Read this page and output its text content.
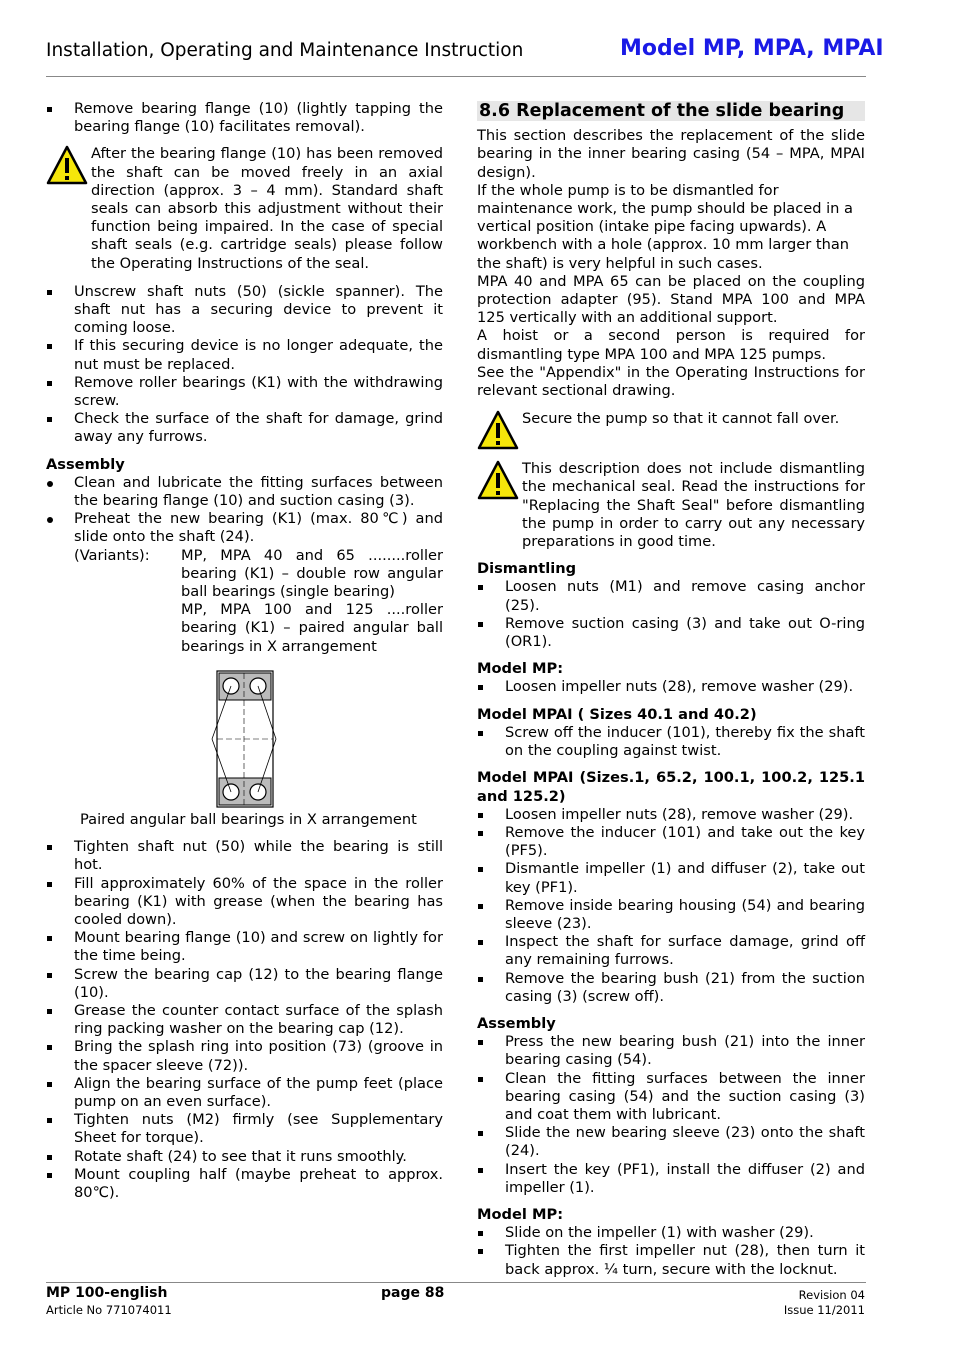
Installation, Operating and Maintenance Instruction	Model MP, MPA, MPAI
Remove bearing flange (10) (lightly tapping the bearing flange (10) facilitates removal).

After the bearing flange (10) has been removed the shaft can be moved freely in an axial direction (approx. 3 – 4 mm). Standard shaft seals can absorb this adjustment without their function being impaired. In the case of special shaft seals (e.g. cartridge seals) please follow the Operating Instructions of the seal.

Unscrew shaft nuts (50) (sickle spanner). The shaft nut has a securing device to prevent it coming loose.
If this securing device is no longer adequate, the nut must be replaced.
Remove roller bearings (K1) with the withdrawing screw.
Check the surface of the shaft for damage, grind away any furrows.
Assembly
Clean and lubricate the fitting surfaces between the bearing flange (10) and suction casing (3).
Preheat the new bearing (K1) (max. 80℃) and slide onto the shaft (24).
(Variants): MP, MPA 40 and 65 ........roller bearing (K1) – double row angular ball bearings (single bearing)
MP, MPA 100 and 125 ....roller bearing (K1) – paired angular ball bearings in X arrangement
Paired angular ball bearings in X arrangement
Tighten shaft nut (50) while the bearing is still hot.
Fill approximately 60% of the space in the roller bearing (K1) with grease (when the bearing has cooled down).
Mount bearing flange (10) and screw on lightly for the time being.
Screw the bearing cap (12) to the bearing flange (10).
Grease the counter contact surface of the splash ring packing washer on the bearing cap (12).
Bring the splash ring into position (73) (groove in the spacer sleeve (72)).
Align the bearing surface of the pump feet (place pump on an even surface).
Tighten nuts (M2) firmly (see Supplementary Sheet for torque).
Rotate shaft (24) to see that it runs smoothly.
Mount coupling half (maybe preheat to approx. 80℃).
8.6 Replacement of the slide bearing

This section describes the replacement of the slide bearing in the inner bearing casing (54 – MPA, MPAI design).

If the whole pump is to be dismantled for maintenance work, the pump should be placed in a vertical position (intake pipe facing upwards). A workbench with a hole (approx. 10 mm larger than the shaft) is very helpful in such cases.

MPA 40 and MPA 65 can be placed on the coupling protection adapter (95). Stand MPA 100 and MPA 125 vertically with an additional support.

A hoist or a second person is required for dismantling type MPA 100 and MPA 125 pumps.

See the "Appendix" in the Operating Instructions for relevant sectional drawing.

Secure the pump so that it cannot fall over.

This description does not include dismantling the mechanical seal. Read the instructions for "Replacing the Shaft Seal" before dismantling the pump in order to carry out any necessary preparations in good time.

Dismantling
Loosen nuts (M1) and remove casing anchor (25).
Remove suction casing (3) and take out O-ring (OR1).
Model MP:
Loosen impeller nuts (28), remove washer (29).
Model MPAI ( Sizes 40.1 and 40.2)
Screw off the inducer (101), thereby fix the shaft on the coupling against twist.
Model MPAI (Sizes.1, 65.2, 100.1, 100.2, 125.1 and 125.2)
Loosen impeller nuts (28), remove washer (29).
Remove the inducer (101) and take out the key (PF5).
Dismantle impeller (1) and diffuser (2), take out key (PF1).
Remove inside bearing housing (54) and bearing sleeve (23).
Inspect the shaft for surface damage, grind off any remaining furrows.
Remove the bearing bush (21) from the suction casing (3) (screw off).
Assembly
Press the new bearing bush (21) into the inner bearing casing (54).
Clean the fitting surfaces between the inner bearing casing (54) and the suction casing (3) and coat them with lubricant.
Slide the new bearing sleeve (23) onto the shaft (24).
Insert the key (PF1), install the diffuser (2) and impeller (1).
Model MP:
Slide on the impeller (1) with washer (29).
Tighten the first impeller nut (28), then turn it back approx. ¼ turn, secure with the locknut.
MP 100-english
Article No 771074011
page 88	Revision 04
Issue 11/2011
